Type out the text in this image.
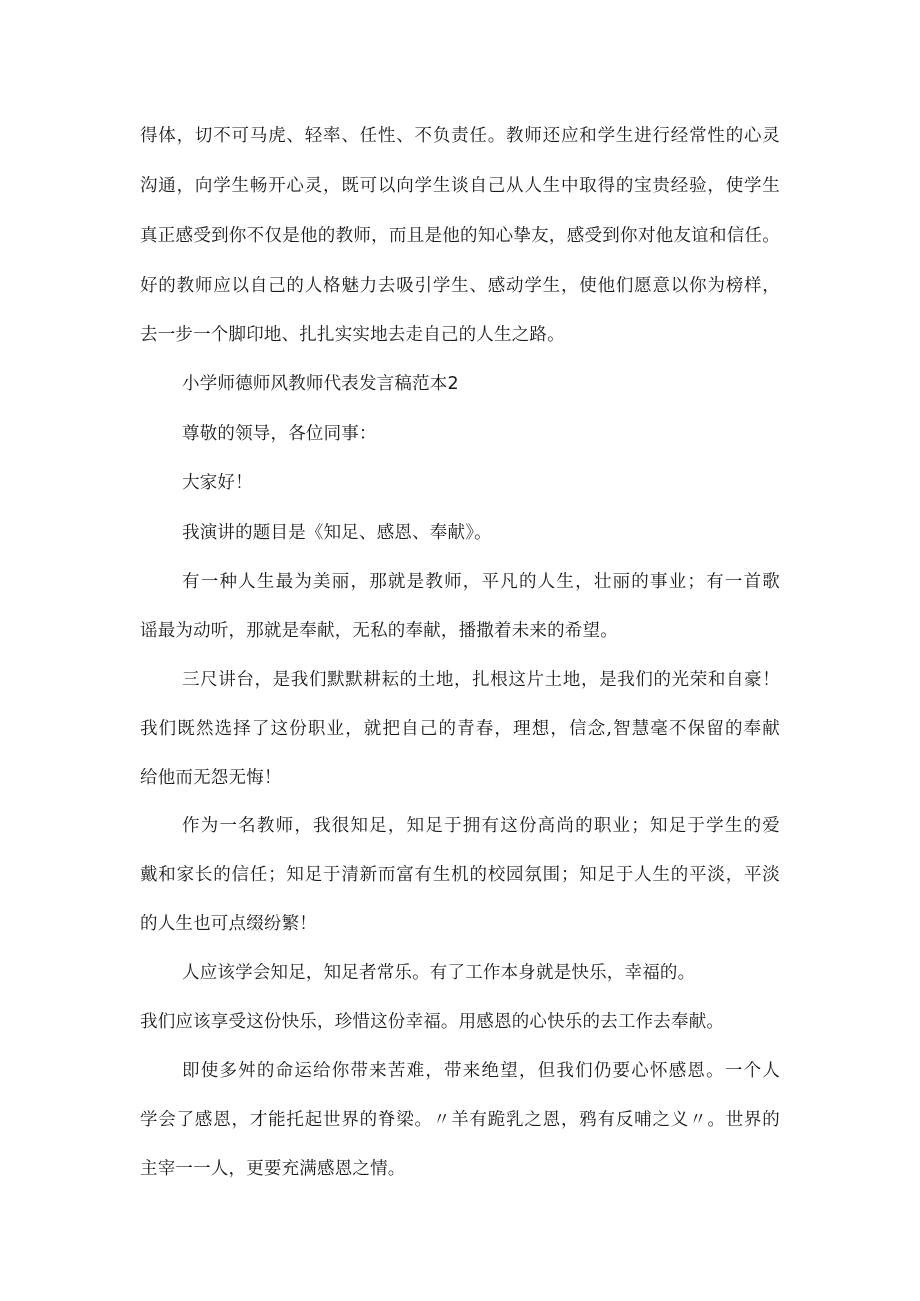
得体，切不可马虎、轻率、任性、不负责任。教师还应和学生进行经常性的心灵
沟通，向学生畅开心灵，既可以向学生谈自己从人生中取得的宝贵经验，使学生
真正感受到你不仅是他的教师，而且是他的知心挚友，感受到你对他友谊和信任。
好的教师应以自己的人格魅力去吸引学生、感动学生，使他们愿意以你为榜样，
去一步一个脚印地、扎扎实实地去走自己的人生之路。
小学师德师风教师代表发言稿范本2
尊敬的领导，各位同事：
大家好！
我演讲的题目是《知足、感恩、奉献》。
有一种人生最为美丽，那就是教师，平凡的人生，壮丽的事业；有一首歌
谣最为动听，那就是奉献，无私的奉献，播撒着未来的希望。
三尺讲台，是我们默默耕耘的土地，扎根这片土地，是我们的光荣和自豪！
我们既然选择了这份职业，就把自己的青春，理想，信念,智慧毫不保留的奉献
给他而无怨无悔！
作为一名教师，我很知足，知足于拥有这份高尚的职业；知足于学生的爱
戴和家长的信任；知足于清新而富有生机的校园氛围；知足于人生的平淡，平淡
的人生也可点缀纷繁！
人应该学会知足，知足者常乐。有了工作本身就是快乐，幸福的。
我们应该享受这份快乐，珍惜这份幸福。用感恩的心快乐的去工作去奉献。
即使多舛的命运给你带来苦难，带来绝望，但我们仍要心怀感恩。一个人
学会了感恩，才能托起世界的脊梁。〃羊有跪乳之恩，鸦有反哺之义〃。世界的
主宰一一人，更要充满感恩之情。
